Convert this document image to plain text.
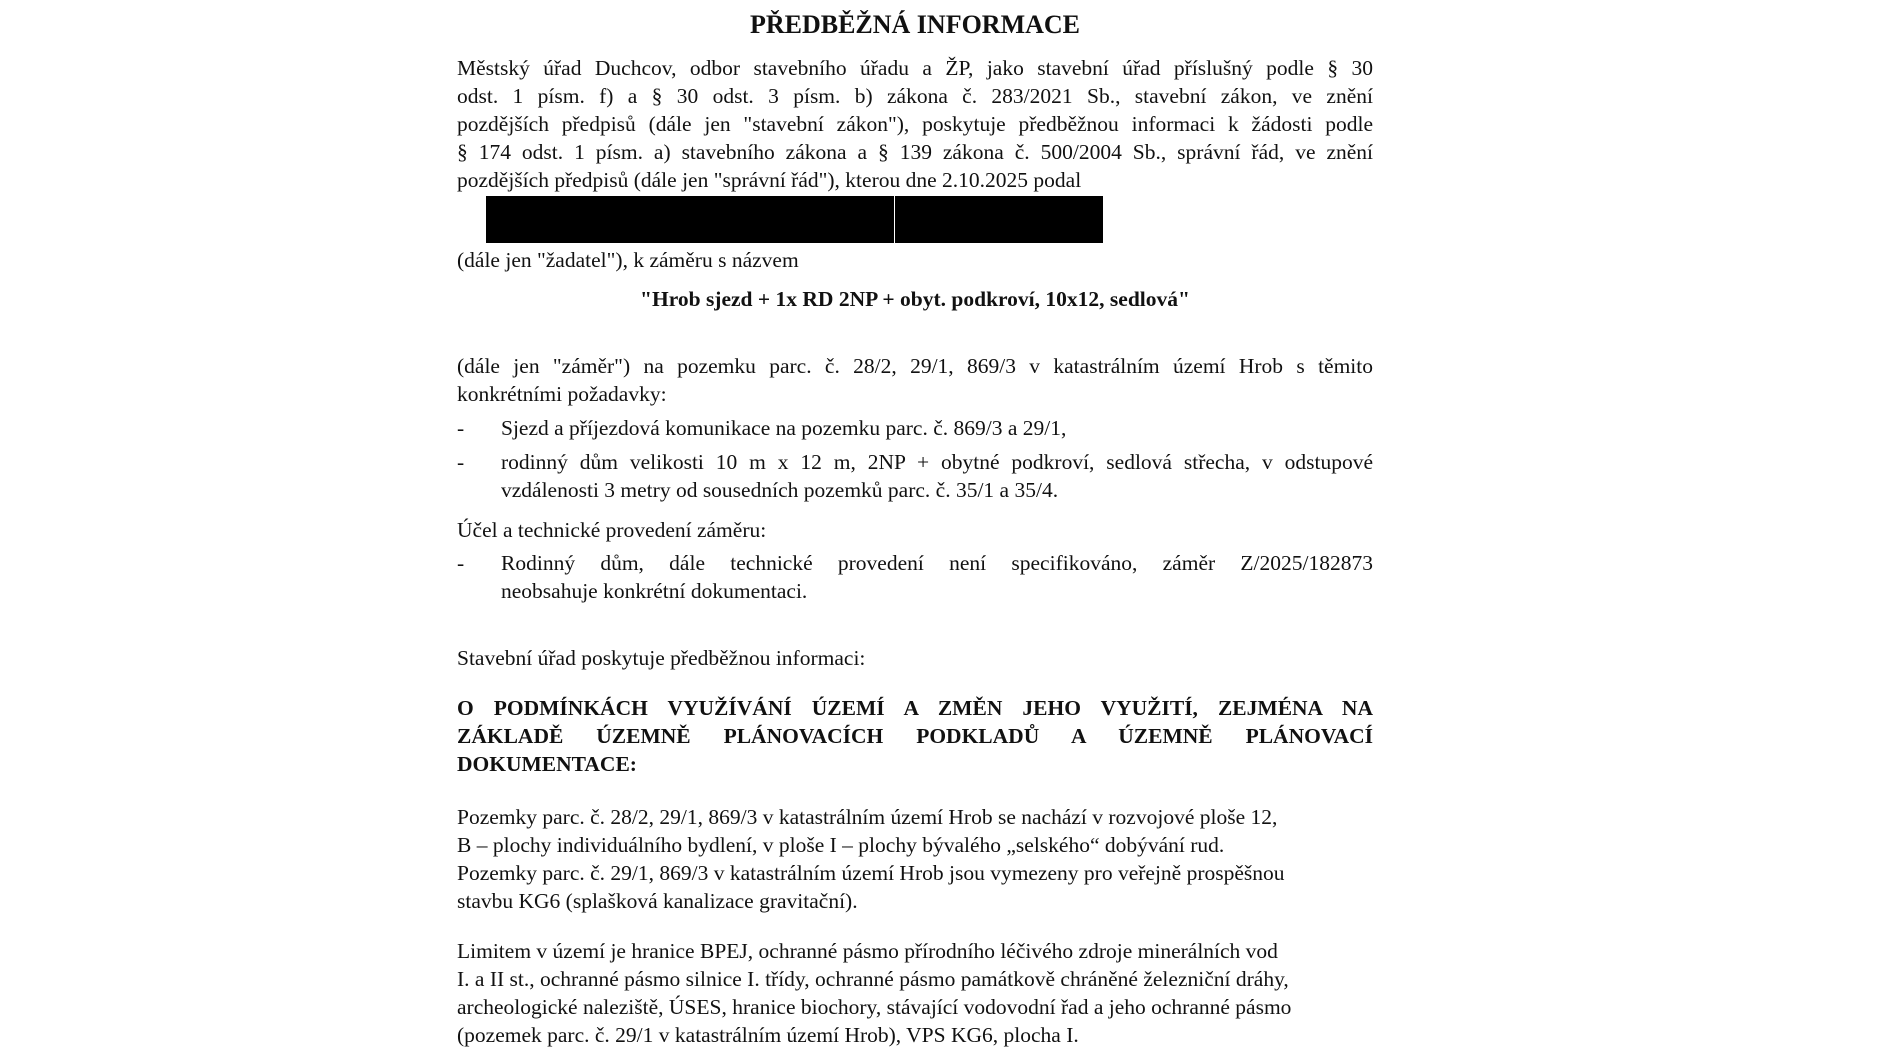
PŘEDBĚŽNÁ INFORMACE
Městský úřad Duchcov, odbor stavebního úřadu a ŽP, jako stavební úřad příslušný podle § 30
odst. 1 písm. f) a § 30 odst. 3 písm. b) zákona č. 283/2021 Sb., stavební zákon, ve znění
pozdějších předpisů (dále jen "stavební zákon"), poskytuje předběžnou informaci k žádosti podle
§ 174 odst. 1 písm. a) stavebního zákona a § 139 zákona č. 500/2004 Sb., správní řád, ve znění
pozdějších předpisů (dále jen "správní řád"), kterou dne 2.10.2025 podal
(dále jen "žadatel"), k záměru s názvem
"Hrob sjezd + 1x RD 2NP + obyt. podkroví, 10x12, sedlová"
(dále jen "záměr") na pozemku parc. č. 28/2, 29/1, 869/3 v katastrálním území Hrob s těmito
konkrétními požadavky:
-	Sjezd a příjezdová komunikace na pozemku parc. č. 869/3 a 29/1,
-	rodinný dům velikosti 10 m x 12 m, 2NP + obytné podkroví, sedlová střecha, v odstupové
vzdálenosti 3 metry od sousedních pozemků parc. č. 35/1 a 35/4.
Účel a technické provedení záměru:
-	Rodinný dům, dále technické provedení není specifikováno, záměr Z/2025/182873
neobsahuje konkrétní dokumentaci.
Stavební úřad poskytuje předběžnou informaci:
O PODMÍNKÁCH VYUŽÍVÁNÍ ÚZEMÍ A ZMĚN JEHO VYUŽITÍ, ZEJMÉNA NA
ZÁKLADĚ ÚZEMNĚ PLÁNOVACÍCH PODKLADŮ A ÚZEMNĚ PLÁNOVACÍ
DOKUMENTACE:
Pozemky parc. č. 28/2, 29/1, 869/3 v katastrálním území Hrob se nachází v rozvojové ploše 12,
B – plochy individuálního bydlení, v ploše I – plochy bývalého „selského“ dobývání rud.
Pozemky parc. č. 29/1, 869/3 v katastrálním území Hrob jsou vymezeny pro veřejně prospěšnou
stavbu KG6 (splašková kanalizace gravitační).
Limitem v území je hranice BPEJ, ochranné pásmo přírodního léčivého zdroje minerálních vod
I. a II st., ochranné pásmo silnice I. třídy, ochranné pásmo památkově chráněné železniční dráhy,
archeologické naleziště, ÚSES, hranice biochory, stávající vodovodní řad a jeho ochranné pásmo
(pozemek parc. č. 29/1 v katastrálním území Hrob), VPS KG6, plocha I.
